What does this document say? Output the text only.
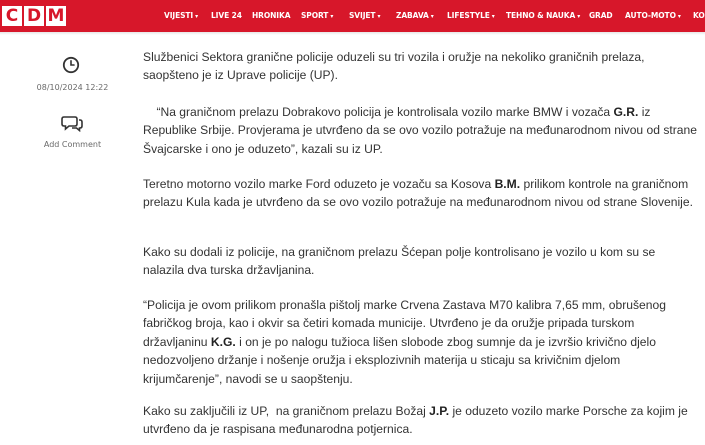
C D M	VIJESTI ▾ LIVE 24 HRONIKA SPORT ▾ SVIJET ▾ ZABAVA ▾ LIFESTYLE ▾ TEHNO & NAUKA ▾ GRAD AUTO-MOTO ▾ KO
08/10/2024 12:22
Add Comment

Službenici Sektora granične policije oduzeli su tri vozila i oružje na nekoliko graničnih prelaza, saopšteno je iz Uprave policije (UP).

“Na graničnom prelazu Dobrakovo policija je kontrolisala vozilo marke BMW i vozača G.R. iz Republike Srbije. Provjerama je utvrđeno da se ovo vozilo potražuje na međunarodnom nivou od strane Švajcarske i ono je oduzeto”, kazali su iz UP.

Teretno motorno vozilo marke Ford oduzeto je vozaču sa Kosova B.M. prilikom kontrole na graničnom prelazu Kula kada je utvrđeno da se ovo vozilo potražuje na međunarodnom nivou od strane Slovenije.

Kako su dodali iz policije, na graničnom prelazu Šćepan polje kontrolisano je vozilo u kom su se nalazila dva turska državljanina.

“Policija je ovom prilikom pronašla pištolj marke Crvena Zastava M70 kalibra 7,65 mm, obrušenog fabričkog broja, kao i okvir sa četiri komada municije. Utvrđeno je da oružje pripada turskom državljaninu K.G. i on je po nalogu tužioca lišen slobode zbog sumnje da je izvršio krivično djelo nedozvoljeno držanje i nošenje oružja i eksplozivnih materija u sticaju sa krivičnim djelom krijumčarenje”, navodi se u saopštenju.

Kako su zaključili iz UP,  na graničnom prelazu Božaj J.P. je oduzeto vozilo marke Porsche za kojim je utvrđeno da je raspisana međunarodna potjernica.
